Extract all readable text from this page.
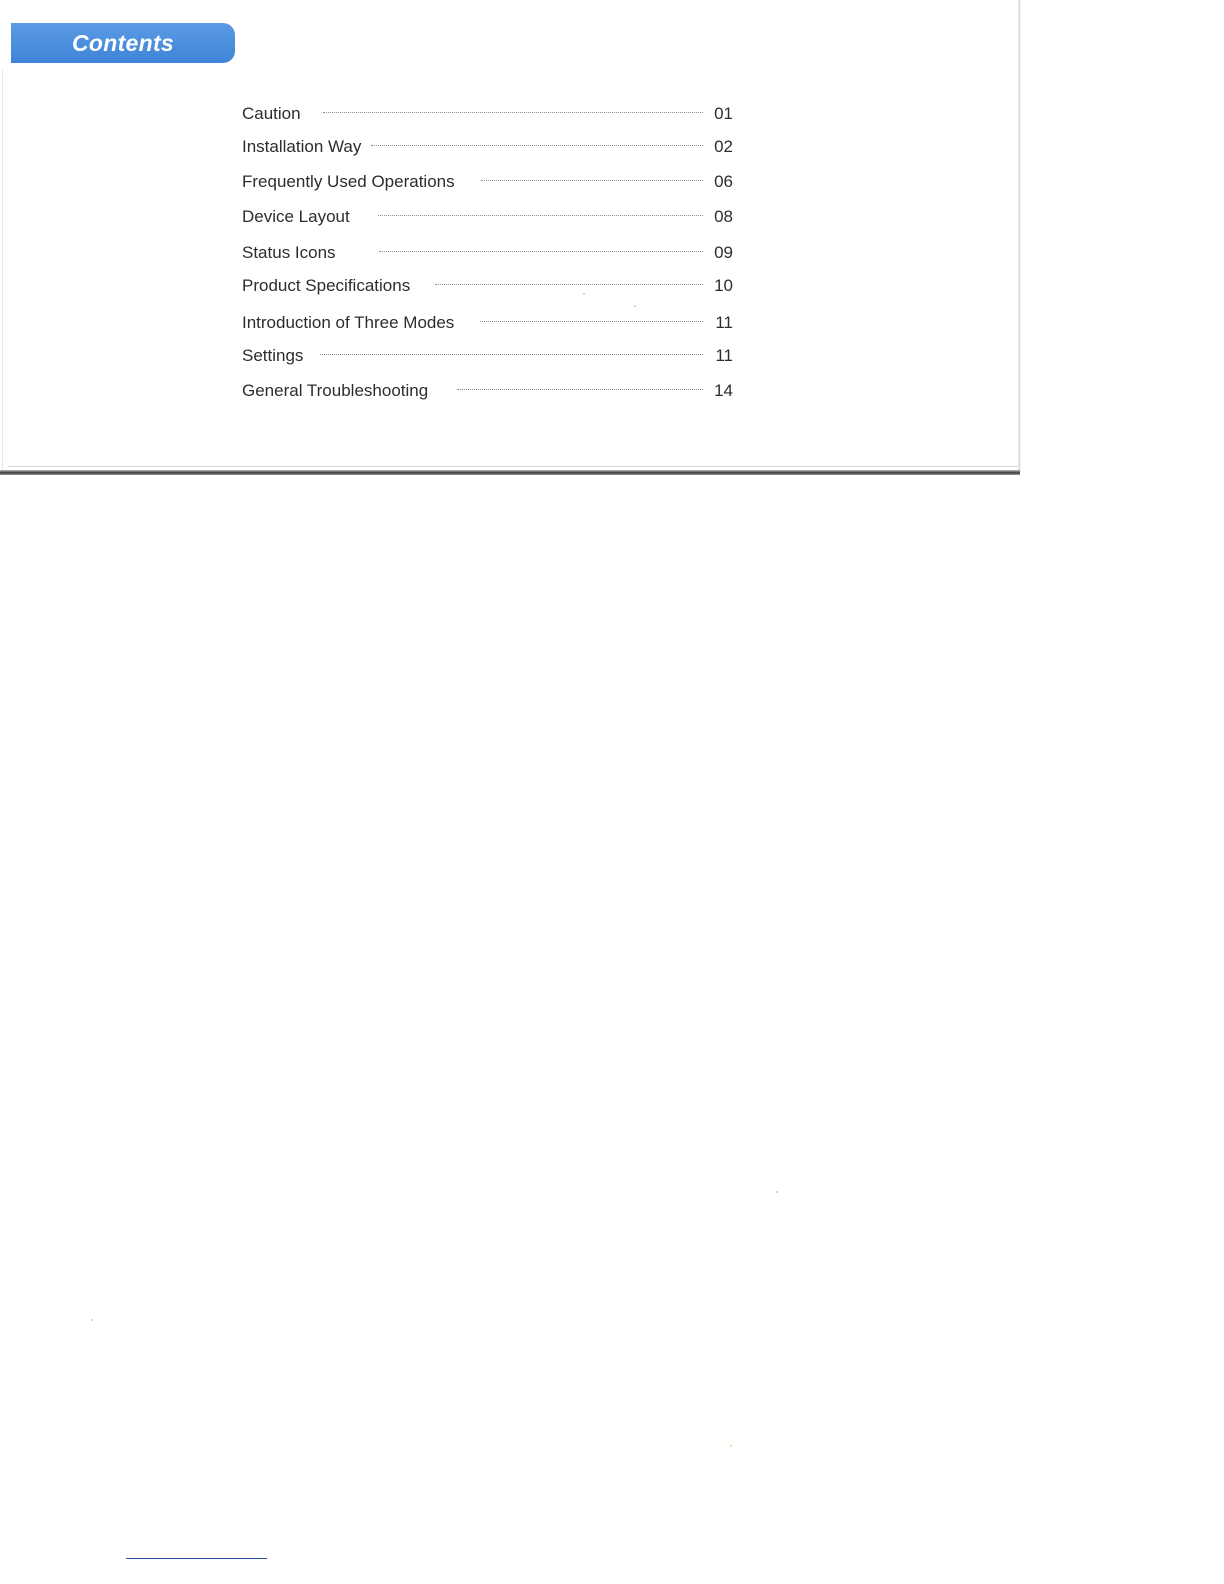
Contents
Caution	01
Installation Way	02
Frequently Used Operations	06
Device Layout	08
Status Icons	09
Product Specifications	10
Introduction of Three Modes	11
Settings	11
General Troubleshooting	14
